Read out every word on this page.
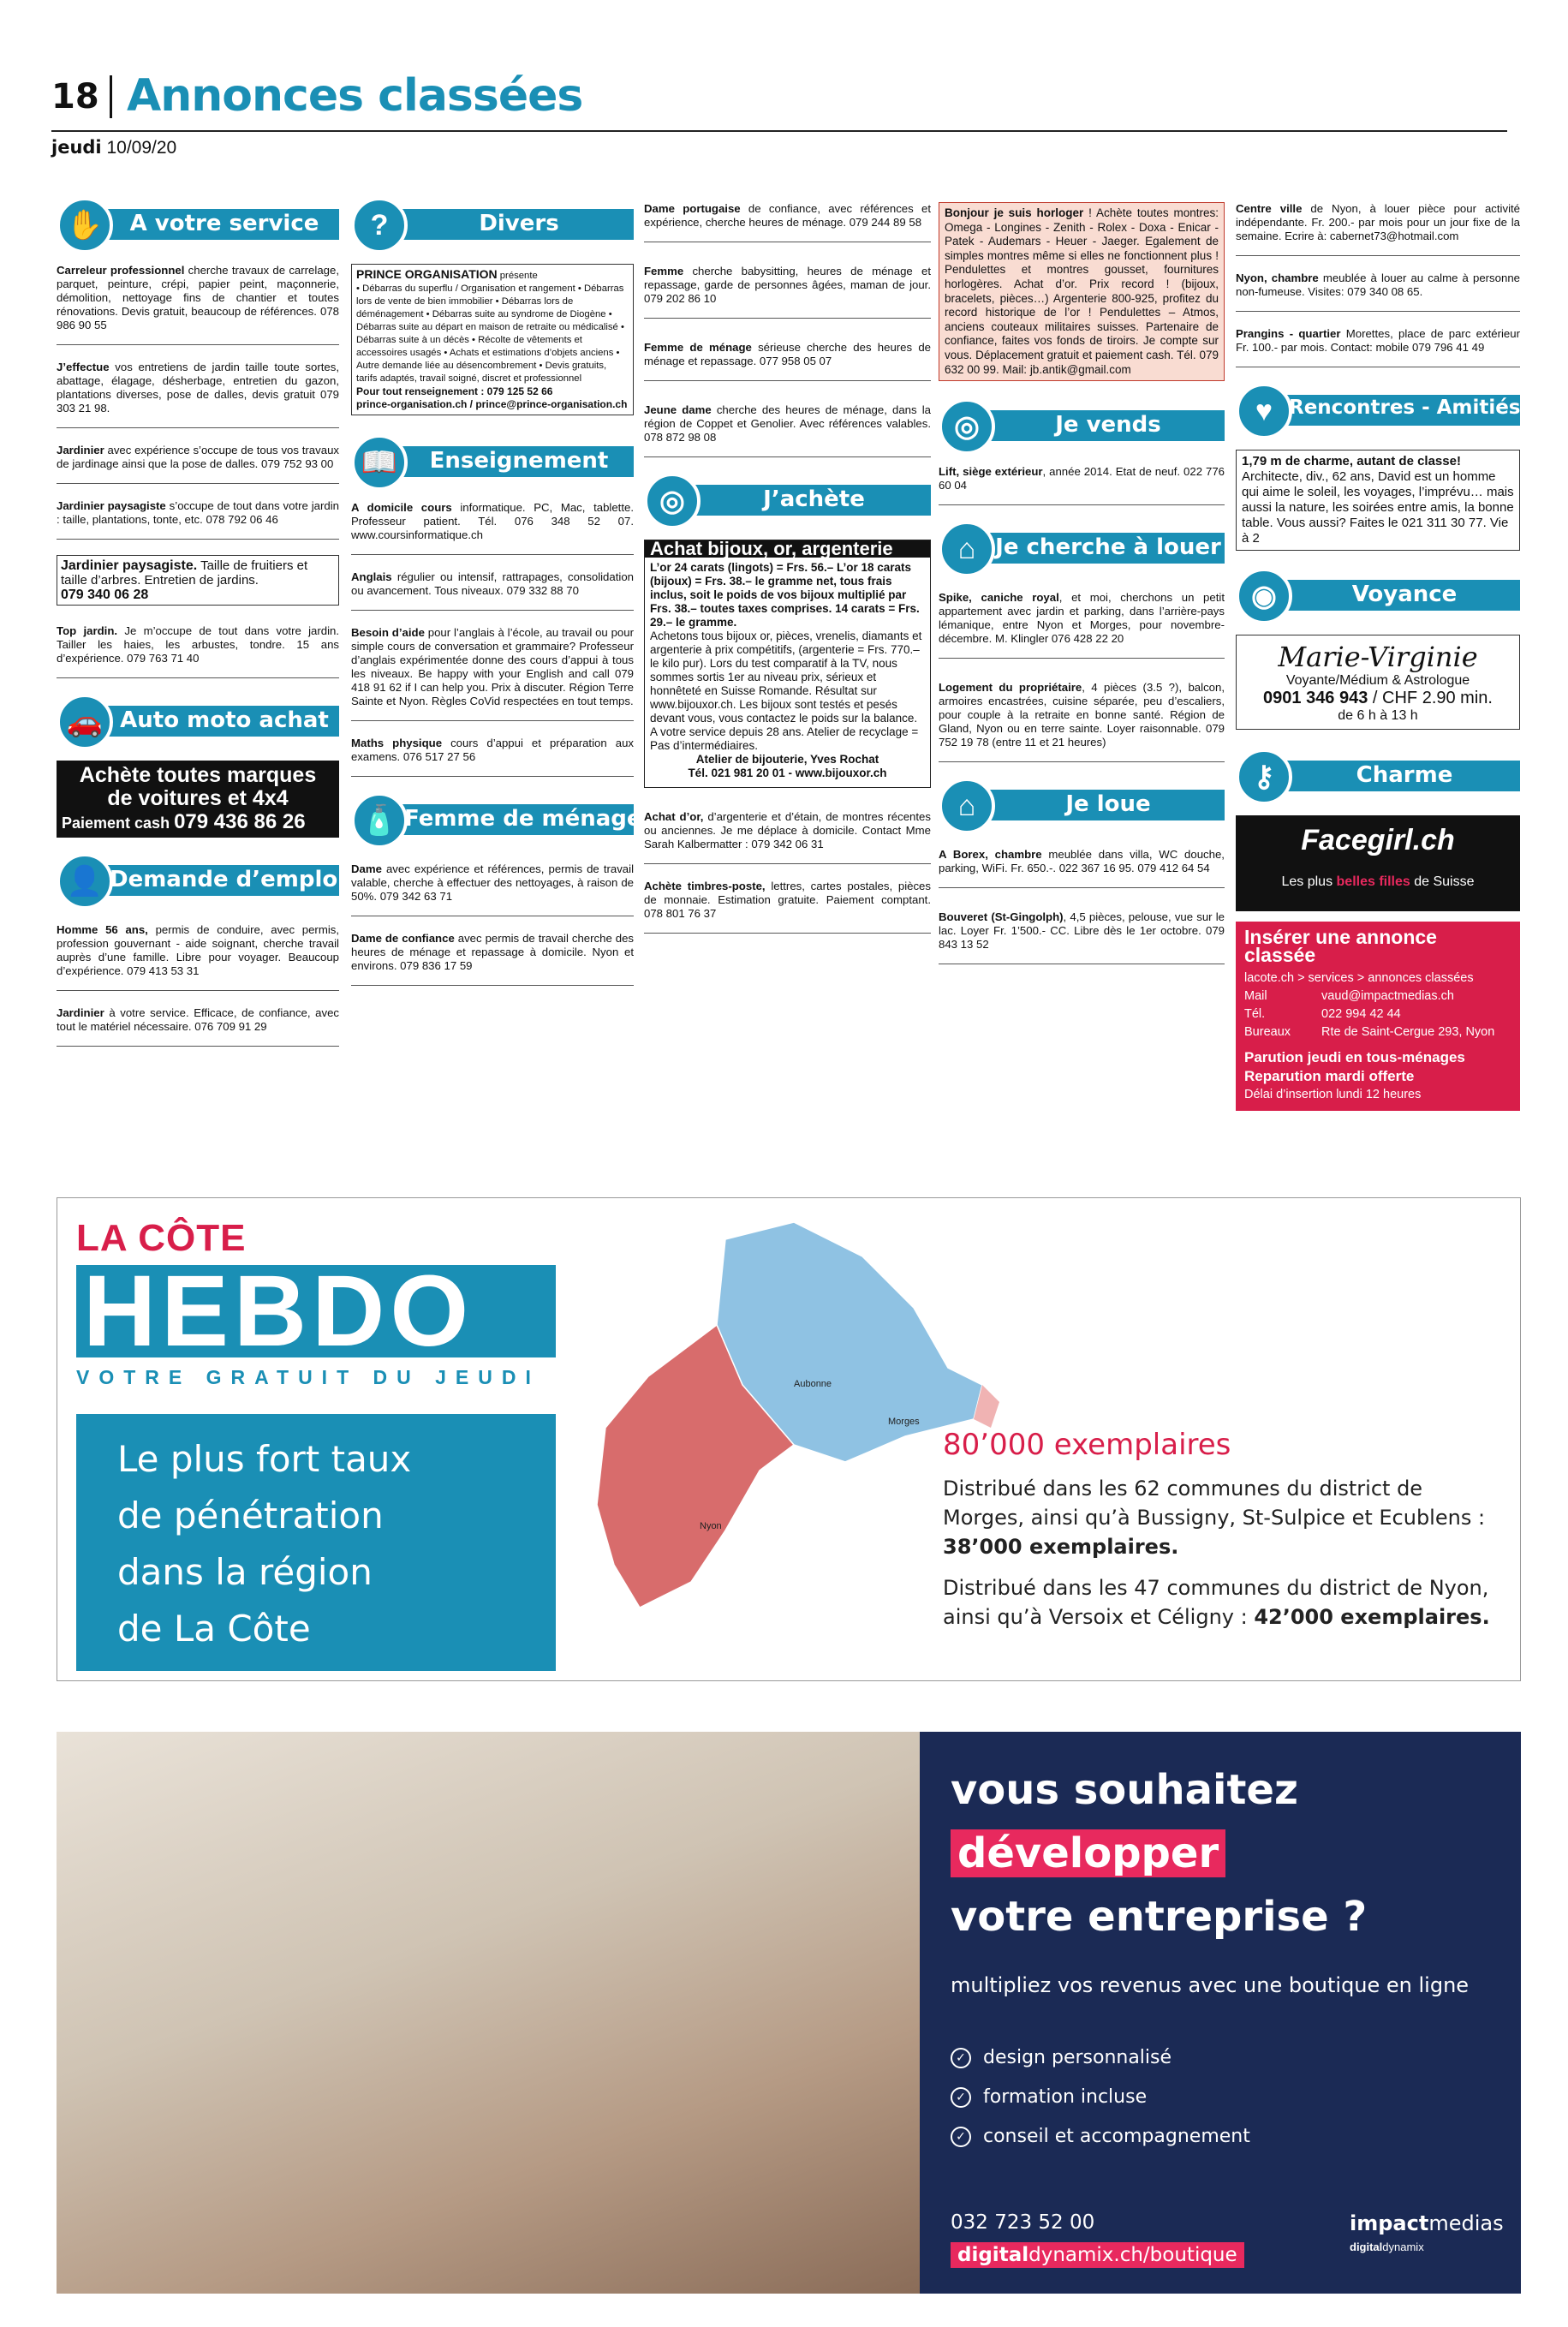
18 Annonces classées
jeudi 10/09/20
✋	A votre service
Carreleur professionnel cherche travaux de carrelage, parquet, peinture, crépi, papier peint, maçonnerie, démolition, nettoyage fins de chantier et toutes rénovations. Devis gratuit, beaucoup de références. 078 986 90 55
J’effectue vos entretiens de jardin taille toute sortes, abattage, élagage, désherbage, entretien du gazon, plantations diverses, pose de dalles, devis gratuit 079 303 21 98.
Jardinier avec expérience s’occupe de tous vos travaux de jardinage ainsi que la pose de dalles. 079 752 93 00
Jardinier paysagiste s’occupe de tout dans votre jardin : taille, plantations, tonte, etc. 078 792 06 46
Jardinier paysagiste. Taille de fruitiers et taille d’arbres. Entretien de jardins.
079 340 06 28
Top jardin. Je m’occupe de tout dans votre jardin. Tailler les haies, les arbustes, tondre. 15 ans d’expérience. 079 763 71 40
🚗 Auto moto achat
Achète toutes marques
de voitures et 4x4
Paiement cash 079 436 86 26
👤 Demande d’emploi
Homme 56 ans, permis de conduire, avec permis, profession gouvernant - aide soignant, cherche travail auprès d’une famille. Libre pour voyager. Beaucoup d’expérience. 079 413 53 31
Jardinier à votre service. Efficace, de confiance, avec tout le matériel nécessaire. 076 709 91 29
?	Divers
PRINCE ORGANISATION présente
• Débarras du superflu / Organisation et rangement • Débarras lors de vente de bien immobilier • Débarras lors de déménagement • Débarras suite au syndrome de Diogène • Débarras suite au départ en maison de retraite ou médicalisé • Débarras suite à un décès • Récolte de vêtements et accessoires usagés • Achats et estimations d’objets anciens • Autre demande liée au désencombrement • Devis gratuits, tarifs adaptés, travail soigné, discret et professionnel
Pour tout renseignement : 079 125 52 66
prince-organisation.ch / prince@prince-organisation.ch
📖	Enseignement
A domicile cours informatique. PC, Mac, tablette. Professeur patient. Tél. 076 348 52 07. www.coursinformatique.ch
Anglais régulier ou intensif, rattrapages, consolidation ou avancement. Tous niveaux. 079 332 88 70
Besoin d’aide pour l’anglais à l’école, au travail ou pour simple cours de conversation et grammaire? Professeur d’anglais expérimentée donne des cours d’appui à tous les niveaux. Be happy with your English and call 079 418 91 62 if I can help you. Prix à discuter. Région Terre Sainte et Nyon. Règles CoVid respectées en tout temps.
Maths physique cours d’appui et préparation aux examens. 076 517 27 56
🧴 Femme de ménage
Dame avec expérience et références, permis de travail valable, cherche à effectuer des nettoyages, à raison de 50%. 079 342 63 71
Dame de confiance avec permis de travail cherche des heures de ménage et repassage à domicile. Nyon et environs. 079 836 17 59
Dame portugaise de confiance, avec références et expérience, cherche heures de ménage. 079 244 89 58
Femme cherche babysitting, heures de ménage et repassage, garde de personnes âgées, maman de jour. 079 202 86 10
Femme de ménage sérieuse cherche des heures de ménage et repassage. 077 958 05 07
Jeune dame cherche des heures de ménage, dans la région de Coppet et Genolier. Avec références valables. 078 872 98 08
◎	J’achète
Achat bijoux, or, argenterie
L’or 24 carats (lingots) = Frs. 56.– L’or 18 carats (bijoux) = Frs. 38.– le gramme net, tous frais inclus, soit le poids de vos bijoux multiplié par Frs. 38.– toutes taxes comprises. 14 carats = Frs. 29.– le gramme.
Achetons tous bijoux or, pièces, vrenelis, diamants et argenterie à prix compétitifs, (argenterie = Frs. 770.– le kilo pur). Lors du test comparatif à la TV, nous sommes sortis 1er au niveau prix, sérieux et honnêteté en Suisse Romande. Résultat sur www.bijouxor.ch. Les bijoux sont testés et pesés devant vous, vous contactez le poids sur la balance. A votre service depuis 28 ans. Atelier de recyclage = Pas d’intermédiaires.
Atelier de bijouterie, Yves Rochat
Tél. 021 981 20 01 - www.bijouxor.ch
Achat d’or, d’argenterie et d’étain, de montres récentes ou anciennes. Je me déplace à domicile. Contact Mme Sarah Kalbermatter : 079 342 06 31
Achète timbres-poste, lettres, cartes postales, pièces de monnaie. Estimation gratuite. Paiement comptant. 078 801 76 37
Bonjour je suis horloger ! Achète toutes montres: Omega - Longines - Zenith - Rolex - Doxa - Enicar - Patek - Audemars - Heuer - Jaeger. Egalement de simples montres même si elles ne fonctionnent plus ! Pendulettes et montres gousset, fournitures horlogères. Achat d’or. Prix record ! (bijoux, bracelets, pièces…) Argenterie 800-925, profitez du record historique de l’or ! Pendulettes – Atmos, anciens couteaux militaires suisses. Partenaire de confiance, faites vos fonds de tiroirs. Je compte sur vous. Déplacement gratuit et paiement cash. Tél. 079 632 00 99. Mail: jb.antik@gmail.com
◎	Je vends
Lift, siège extérieur, année 2014. Etat de neuf. 022 776 60 04
⌂ Je cherche à louer
Spike, caniche royal, et moi, cherchons un petit appartement avec jardin et parking, dans l’arrière-pays lémanique, entre Nyon et Morges, pour novembre-décembre. M. Klingler 076 428 22 20
Logement du propriétaire, 4 pièces (3.5 ?), balcon, armoires encastrées, cuisine séparée, peu d’escaliers, pour couple à la retraite en bonne santé. Région de Gland, Nyon ou en terre sainte. Loyer raisonnable. 079 752 19 78 (entre 11 et 21 heures)
⌂	Je loue
A Borex, chambre meublée dans villa, WC douche, parking, WiFi. Fr. 650.-. 022 367 16 95. 079 412 64 54
Bouveret (St-Gingolph), 4,5 pièces, pelouse, vue sur le lac. Loyer Fr. 1’500.- CC. Libre dès le 1er octobre. 079 843 13 52
Centre ville de Nyon, à louer pièce pour activité indépendante. Fr. 200.- par mois pour un jour fixe de la semaine. Ecrire à: cabernet73@hotmail.com
Nyon, chambre meublée à louer au calme à personne non-fumeuse. Visites: 079 340 08 65.
Prangins - quartier Morettes, place de parc extérieur Fr. 100.- par mois. Contact: mobile 079 796 41 49
♥ Rencontres - Amitiés
1,79 m de charme, autant de classe! Architecte, div., 62 ans, David est un homme qui aime le soleil, les voyages, l’imprévu… mais aussi la nature, les soirées entre amis, la bonne table. Vous aussi? Faites le 021 311 30 77. Vie à 2
◉	Voyance
Marie-Virginie
Voyante/Médium & Astrologue
0901 346 943 / CHF 2.90 min.
de 6 h à 13 h
⚷	Charme
Facegirl.ch
Les plus belles filles de Suisse
Insérer une annonce classée
lacote.ch > services > annonces classées
Mail	vaud@impactmedias.ch
Tél.	022 994 42 44
Bureaux	Rte de Saint-Cergue 293, Nyon
Parution jeudi en tous-ménages
Reparution mardi offerte
Délai d’insertion lundi 12 heures
LA CÔTE
HEBDO
VOTRE GRATUIT DU JEUDI
Le plus fort taux
de pénétration
dans la région
de La Côte
Morges
Aubonne
Nyon
80’000 exemplaires
Distribué dans les 62 communes du district de Morges, ainsi qu’à Bussigny, St-Sulpice et Ecublens : 38’000 exemplaires.
Distribué dans les 47 communes du district de Nyon, ainsi qu’à Versoix et Céligny : 42’000 exemplaires.
vous souhaitez
développer
votre entreprise ?
multipliez vos revenus avec une boutique en ligne
✓ design personnalisé
✓ formation incluse
✓ conseil et accompagnement
032 723 52 00
digitaldynamix.ch/boutique
impactmedias
digitaldynamix
